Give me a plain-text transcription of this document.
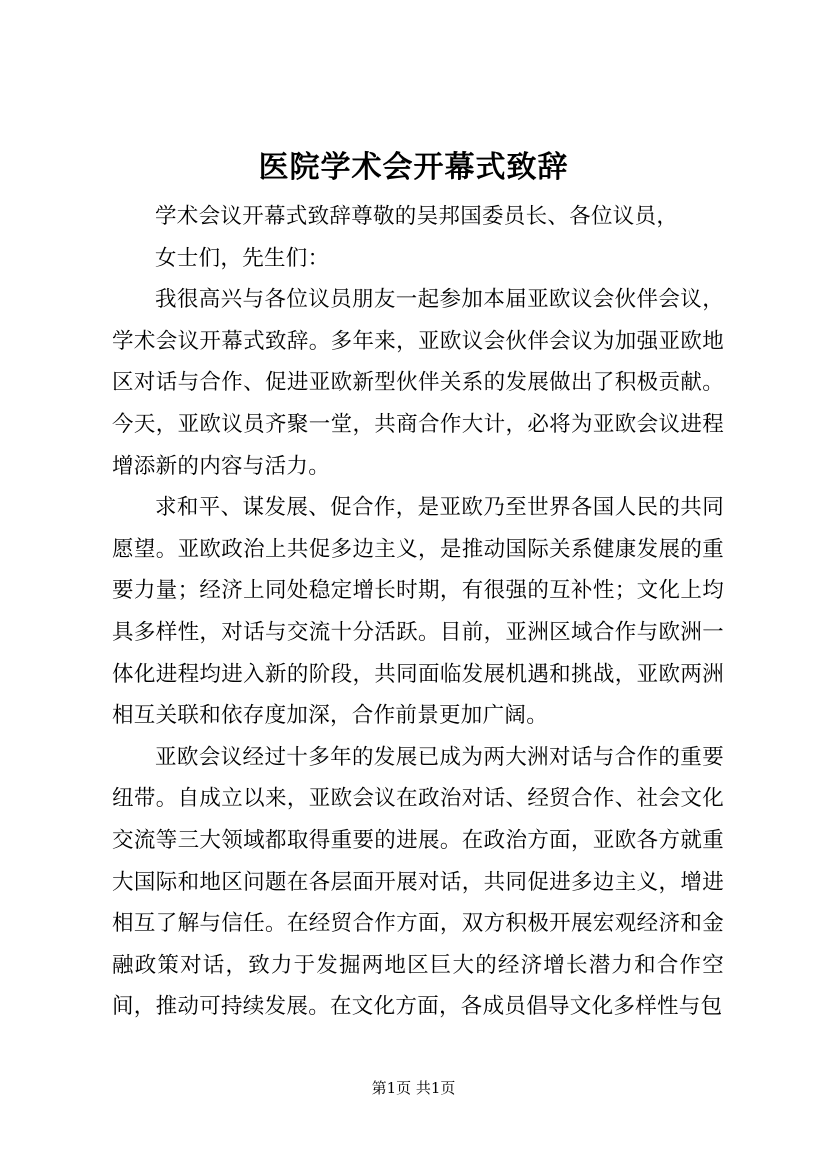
医院学术会开幕式致辞

学术会议开幕式致辞尊敬的吴邦国委员长、各位议员，

女士们，先生们：

我很高兴与各位议员朋友一起参加本届亚欧议会伙伴会议，学术会议开幕式致辞。多年来，亚欧议会伙伴会议为加强亚欧地区对话与合作、促进亚欧新型伙伴关系的发展做出了积极贡献。今天，亚欧议员齐聚一堂，共商合作大计，必将为亚欧会议进程增添新的内容与活力。

求和平、谋发展、促合作，是亚欧乃至世界各国人民的共同愿望。亚欧政治上共促多边主义，是推动国际关系健康发展的重要力量；经济上同处稳定增长时期，有很强的互补性；文化上均具多样性，对话与交流十分活跃。目前，亚洲区域合作与欧洲一体化进程均进入新的阶段，共同面临发展机遇和挑战，亚欧两洲相互关联和依存度加深，合作前景更加广阔。

亚欧会议经过十多年的发展已成为两大洲对话与合作的重要纽带。自成立以来，亚欧会议在政治对话、经贸合作、社会文化交流等三大领域都取得重要的进展。在政治方面，亚欧各方就重大国际和地区问题在各层面开展对话，共同促进多边主义，增进相互了解与信任。在经贸合作方面，双方积极开展宏观经济和金融政策对话，致力于发掘两地区巨大的经济增长潜力和合作空间，推动可持续发展。在文化方面，各成员倡导文化多样性与包

第1页 共1页
